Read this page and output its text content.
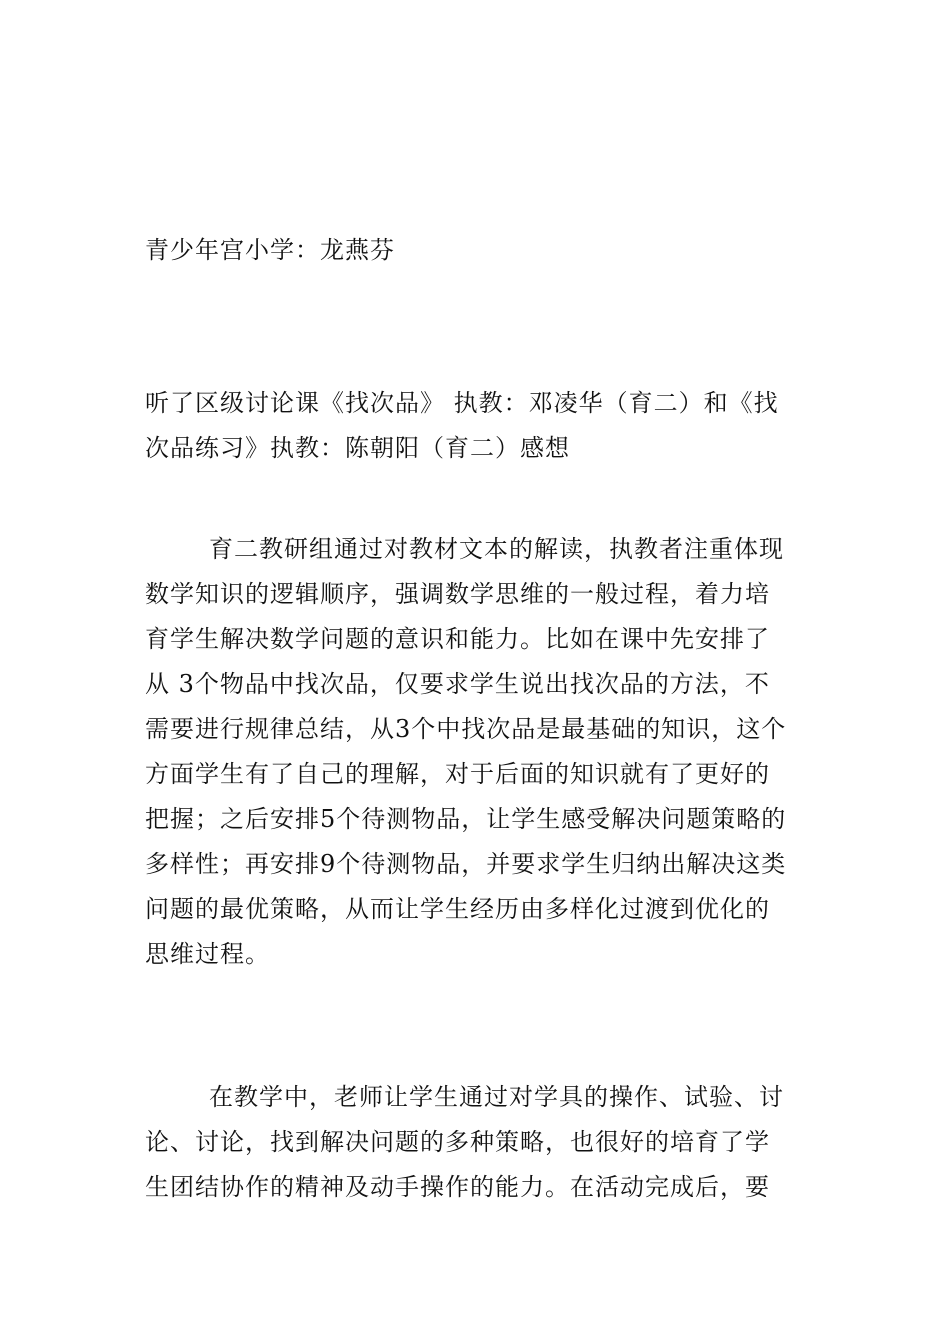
青少年宫小学：龙燕芬
听了区级讨论课《找次品》 执教：邓凌华（育二）和《找
次品练习》执教：陈朝阳（育二）感想
育二教研组通过对教材文本的解读，执教者注重体现
数学知识的逻辑顺序，强调数学思维的一般过程，着力培
育学生解决数学问题的意识和能力。比如在课中先安排了
从 3个物品中找次品，仅要求学生说出找次品的方法，不
需要进行规律总结，从3个中找次品是最基础的知识，这个
方面学生有了自己的理解，对于后面的知识就有了更好的
把握；之后安排5个待测物品，让学生感受解决问题策略的
多样性；再安排9个待测物品，并要求学生归纳出解决这类
问题的最优策略，从而让学生经历由多样化过渡到优化的
思维过程。
在教学中，老师让学生通过对学具的操作、试验、讨
论、讨论，找到解决问题的多种策略，也很好的培育了学
生团结协作的精神及动手操作的能力。在活动完成后，要
